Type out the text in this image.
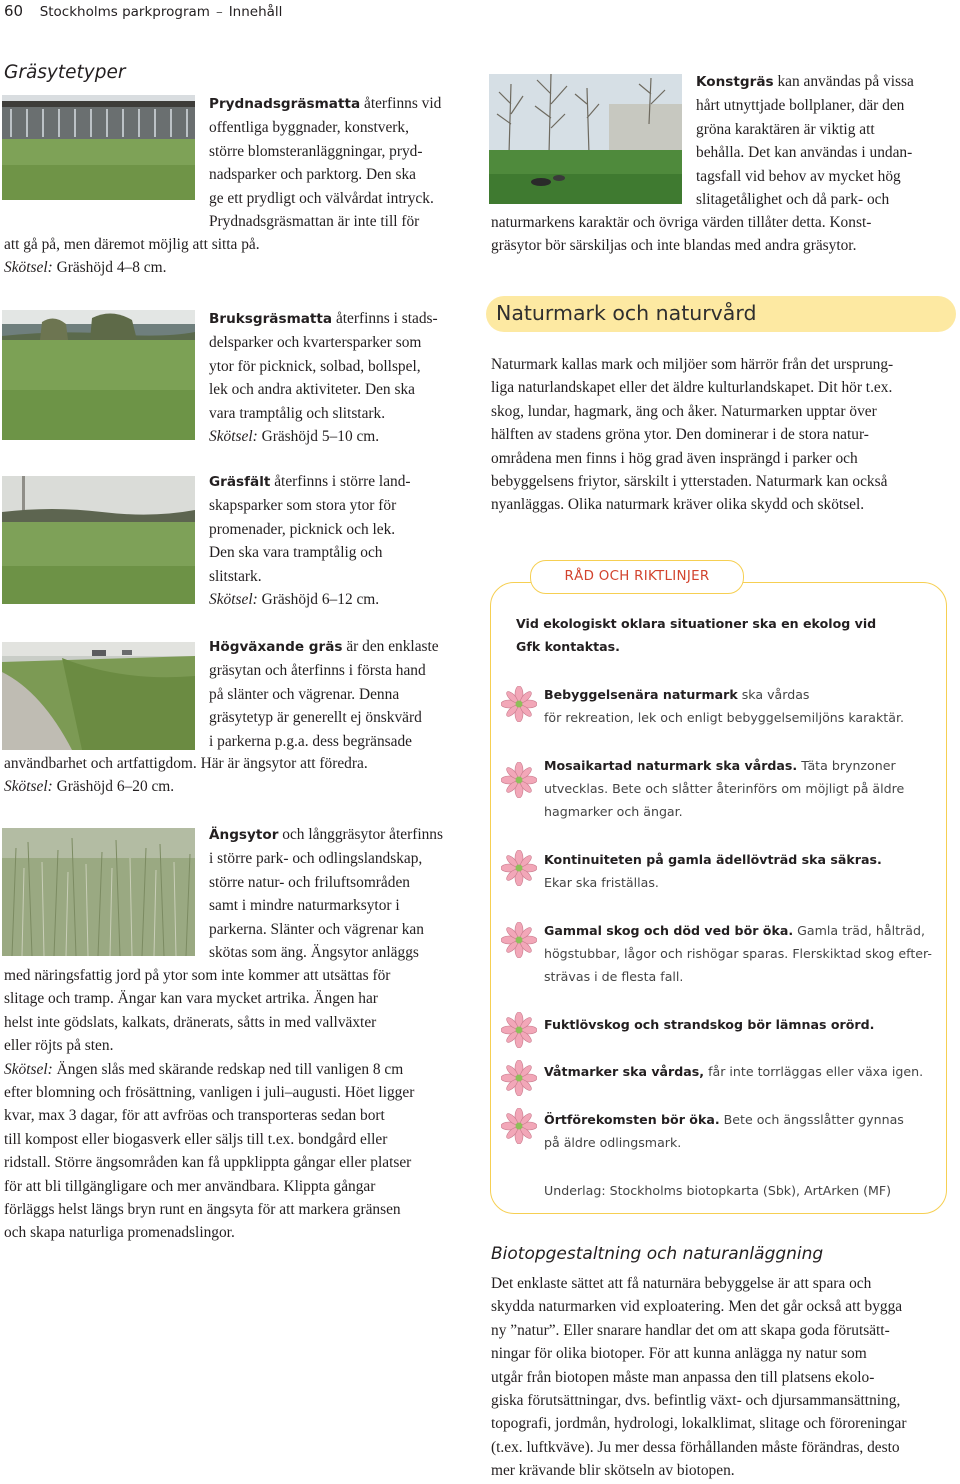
60 Stockholms parkprogram – Innehåll
Gräsytetyper

Prydnadsgräsmatta återfinns vid

offentliga byggnader, konstverk,

större blomsteranläggningar, pryd-

nadsparker och parktorg. Den ska

ge ett prydligt och välvårdat intryck.

Prydnadsgräsmattan är inte till för

att gå på, men däremot möjlig att sitta på.

Skötsel: Gräshöjd 4–8 cm.

Bruksgräsmatta återfinns i stads-

delsparker och kvartersparker som

ytor för picknick, solbad, bollspel,

lek och andra aktiviteter. Den ska

vara tramptålig och slitstark.

Skötsel: Gräshöjd 5–10 cm.

Gräsfält återfinns i större land-

skapsparker som stora ytor för

promenader, picknick och lek.

Den ska vara tramptålig och

slitstark.

Skötsel: Gräshöjd 6–12 cm.

Högväxande gräs är den enklaste

gräsytan och återfinns i första hand

på slänter och vägrenar. Denna

gräsytetyp är generellt ej önskvärd

i parkerna p.g.a. dess begränsade

användbarhet och artfattigdom. Här är ängsytor att föredra.

Skötsel: Gräshöjd 6–20 cm.

Ängsytor och långgräsytor återfinns

i större park- och odlingslandskap,

större natur- och friluftsområden

samt i mindre naturmarksytor i

parkerna. Slänter och vägrenar kan

skötas som äng. Ängsytor anläggs

med näringsfattig jord på ytor som inte kommer att utsättas för

slitage och tramp. Ängar kan vara mycket artrika. Ängen har

helst inte gödslats, kalkats, dränerats, såtts in med vallväxter

eller röjts på sten.

Skötsel: Ängen slås med skärande redskap ned till vanligen 8 cm

efter blomning och frösättning, vanligen i juli–augusti. Höet ligger

kvar, max 3 dagar, för att avfröas och transporteras sedan bort

till kompost eller biogasverk eller säljs till t.ex. bondgård eller

ridstall. Större ängsområden kan få uppklippta gångar eller platser

för att bli tillgängligare och mer användbara. Klippta gångar

förläggs helst längs bryn runt en ängsyta för att markera gränsen

och skapa naturliga promenadslingor.

Konstgräs kan användas på vissa

hårt utnyttjade bollplaner, där den

gröna karaktären är viktig att

behålla. Det kan användas i undan-

tagsfall vid behov av mycket hög

slitagetålighet och då park- och

naturmarkens karaktär och övriga värden tillåter detta. Konst-

gräsytor bör särskiljas och inte blandas med andra gräsytor.

Naturmark och naturvård

Naturmark kallas mark och miljöer som härrör från det ursprung-

liga naturlandskapet eller det äldre kulturlandskapet. Dit hör t.ex.

skog, lundar, hagmark, äng och åker. Naturmarken upptar över

hälften av stadens gröna ytor. Den dominerar i de stora natur-

områdena men finns i hög grad även insprängd i parker och

bebyggelsens friytor, särskilt i ytterstaden. Naturmark kan också

nyanläggas. Olika naturmark kräver olika skydd och skötsel.

RÅD OCH RIKTLINJER
Vid ekologiskt oklara situationer ska en ekolog vid
Gfk kontaktas.
Bebyggelsenära naturmark ska vårdas
för rekreation, lek och enligt bebyggelsemiljöns karaktär.
Mosaikartad naturmark ska vårdas. Täta brynzoner
utvecklas. Bete och slåtter återinförs om möjligt på äldre
hagmarker och ängar.
Kontinuiteten på gamla ädellövträd ska säkras.
Ekar ska friställas.
Gammal skog och död ved bör öka. Gamla träd, hålträd,
högstubbar, lågor och rishögar sparas. Flerskiktad skog efter-
strävas i de flesta fall.
Fuktlövskog och strandskog bör lämnas orörd.
Våtmarker ska vårdas, får inte torrläggas eller växa igen.
Örtförekomsten bör öka. Bete och ängsslåtter gynnas
på äldre odlingsmark.
Underlag: Stockholms biotopkarta (Sbk), ArtArken (MF)
Biotopgestaltning och naturanläggning

Det enklaste sättet att få naturnära bebyggelse är att spara och

skydda naturmarken vid exploatering. Men det går också att bygga

ny ”natur”. Eller snarare handlar det om att skapa goda förutsätt-

ningar för olika biotoper. För att kunna anlägga ny natur som

utgår från biotopen måste man anpassa den till platsens ekolo-

giska förutsättningar, dvs. befintlig växt- och djursammansättning,

topografi, jordmån, hydrologi, lokalklimat, slitage och föroreningar

(t.ex. luftkväve). Ju mer dessa förhållanden måste förändras, desto

mer krävande blir skötseln av biotopen.
